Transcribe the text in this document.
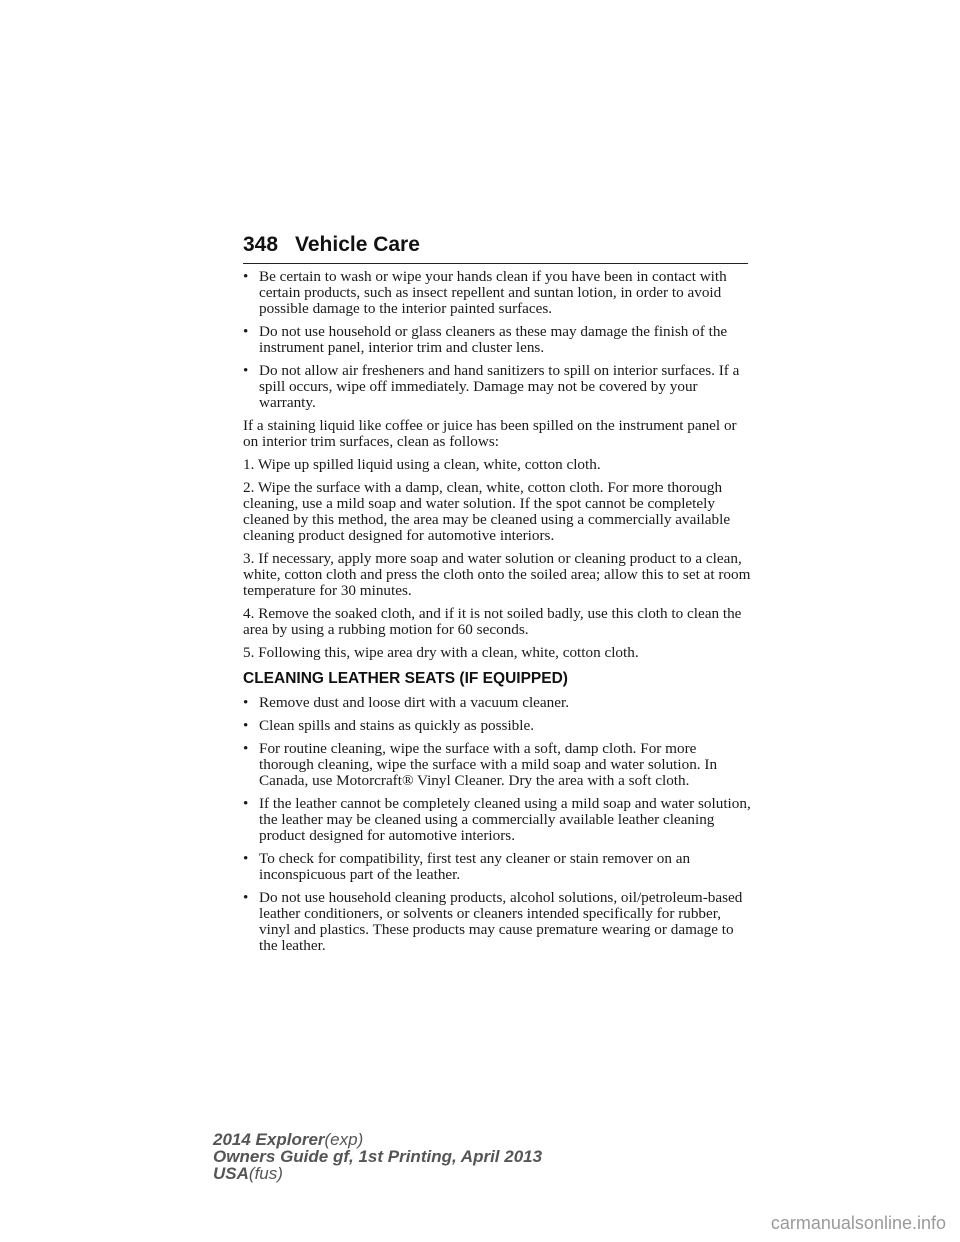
348 Vehicle Care
• Be certain to wash or wipe your hands clean if you have been in contact with certain products, such as insect repellent and suntan lotion, in order to avoid possible damage to the interior painted surfaces.
• Do not use household or glass cleaners as these may damage the finish of the instrument panel, interior trim and cluster lens.
• Do not allow air fresheners and hand sanitizers to spill on interior surfaces. If a spill occurs, wipe off immediately. Damage may not be covered by your warranty.

If a staining liquid like coffee or juice has been spilled on the instrument panel or on interior trim surfaces, clean as follows:

1. Wipe up spilled liquid using a clean, white, cotton cloth.

2. Wipe the surface with a damp, clean, white, cotton cloth. For more thorough cleaning, use a mild soap and water solution. If the spot cannot be completely cleaned by this method, the area may be cleaned using a commercially available cleaning product designed for automotive interiors.

3. If necessary, apply more soap and water solution or cleaning product to a clean, white, cotton cloth and press the cloth onto the soiled area; allow this to set at room temperature for 30 minutes.

4. Remove the soaked cloth, and if it is not soiled badly, use this cloth to clean the area by using a rubbing motion for 60 seconds.

5. Following this, wipe area dry with a clean, white, cotton cloth.

CLEANING LEATHER SEATS (IF EQUIPPED)
• Remove dust and loose dirt with a vacuum cleaner.
• Clean spills and stains as quickly as possible.
• For routine cleaning, wipe the surface with a soft, damp cloth. For more thorough cleaning, wipe the surface with a mild soap and water solution. In Canada, use Motorcraft® Vinyl Cleaner. Dry the area with a soft cloth.
• If the leather cannot be completely cleaned using a mild soap and water solution, the leather may be cleaned using a commercially available leather cleaning product designed for automotive interiors.
• To check for compatibility, first test any cleaner or stain remover on an inconspicuous part of the leather.
• Do not use household cleaning products, alcohol solutions, oil/petroleum-based leather conditioners, or solvents or cleaners intended specifically for rubber, vinyl and plastics. These products may cause premature wearing or damage to the leather.
2014 Explorer(exp)
Owners Guide gf, 1st Printing, April 2013
USA(fus)
carmanualsonline.info
